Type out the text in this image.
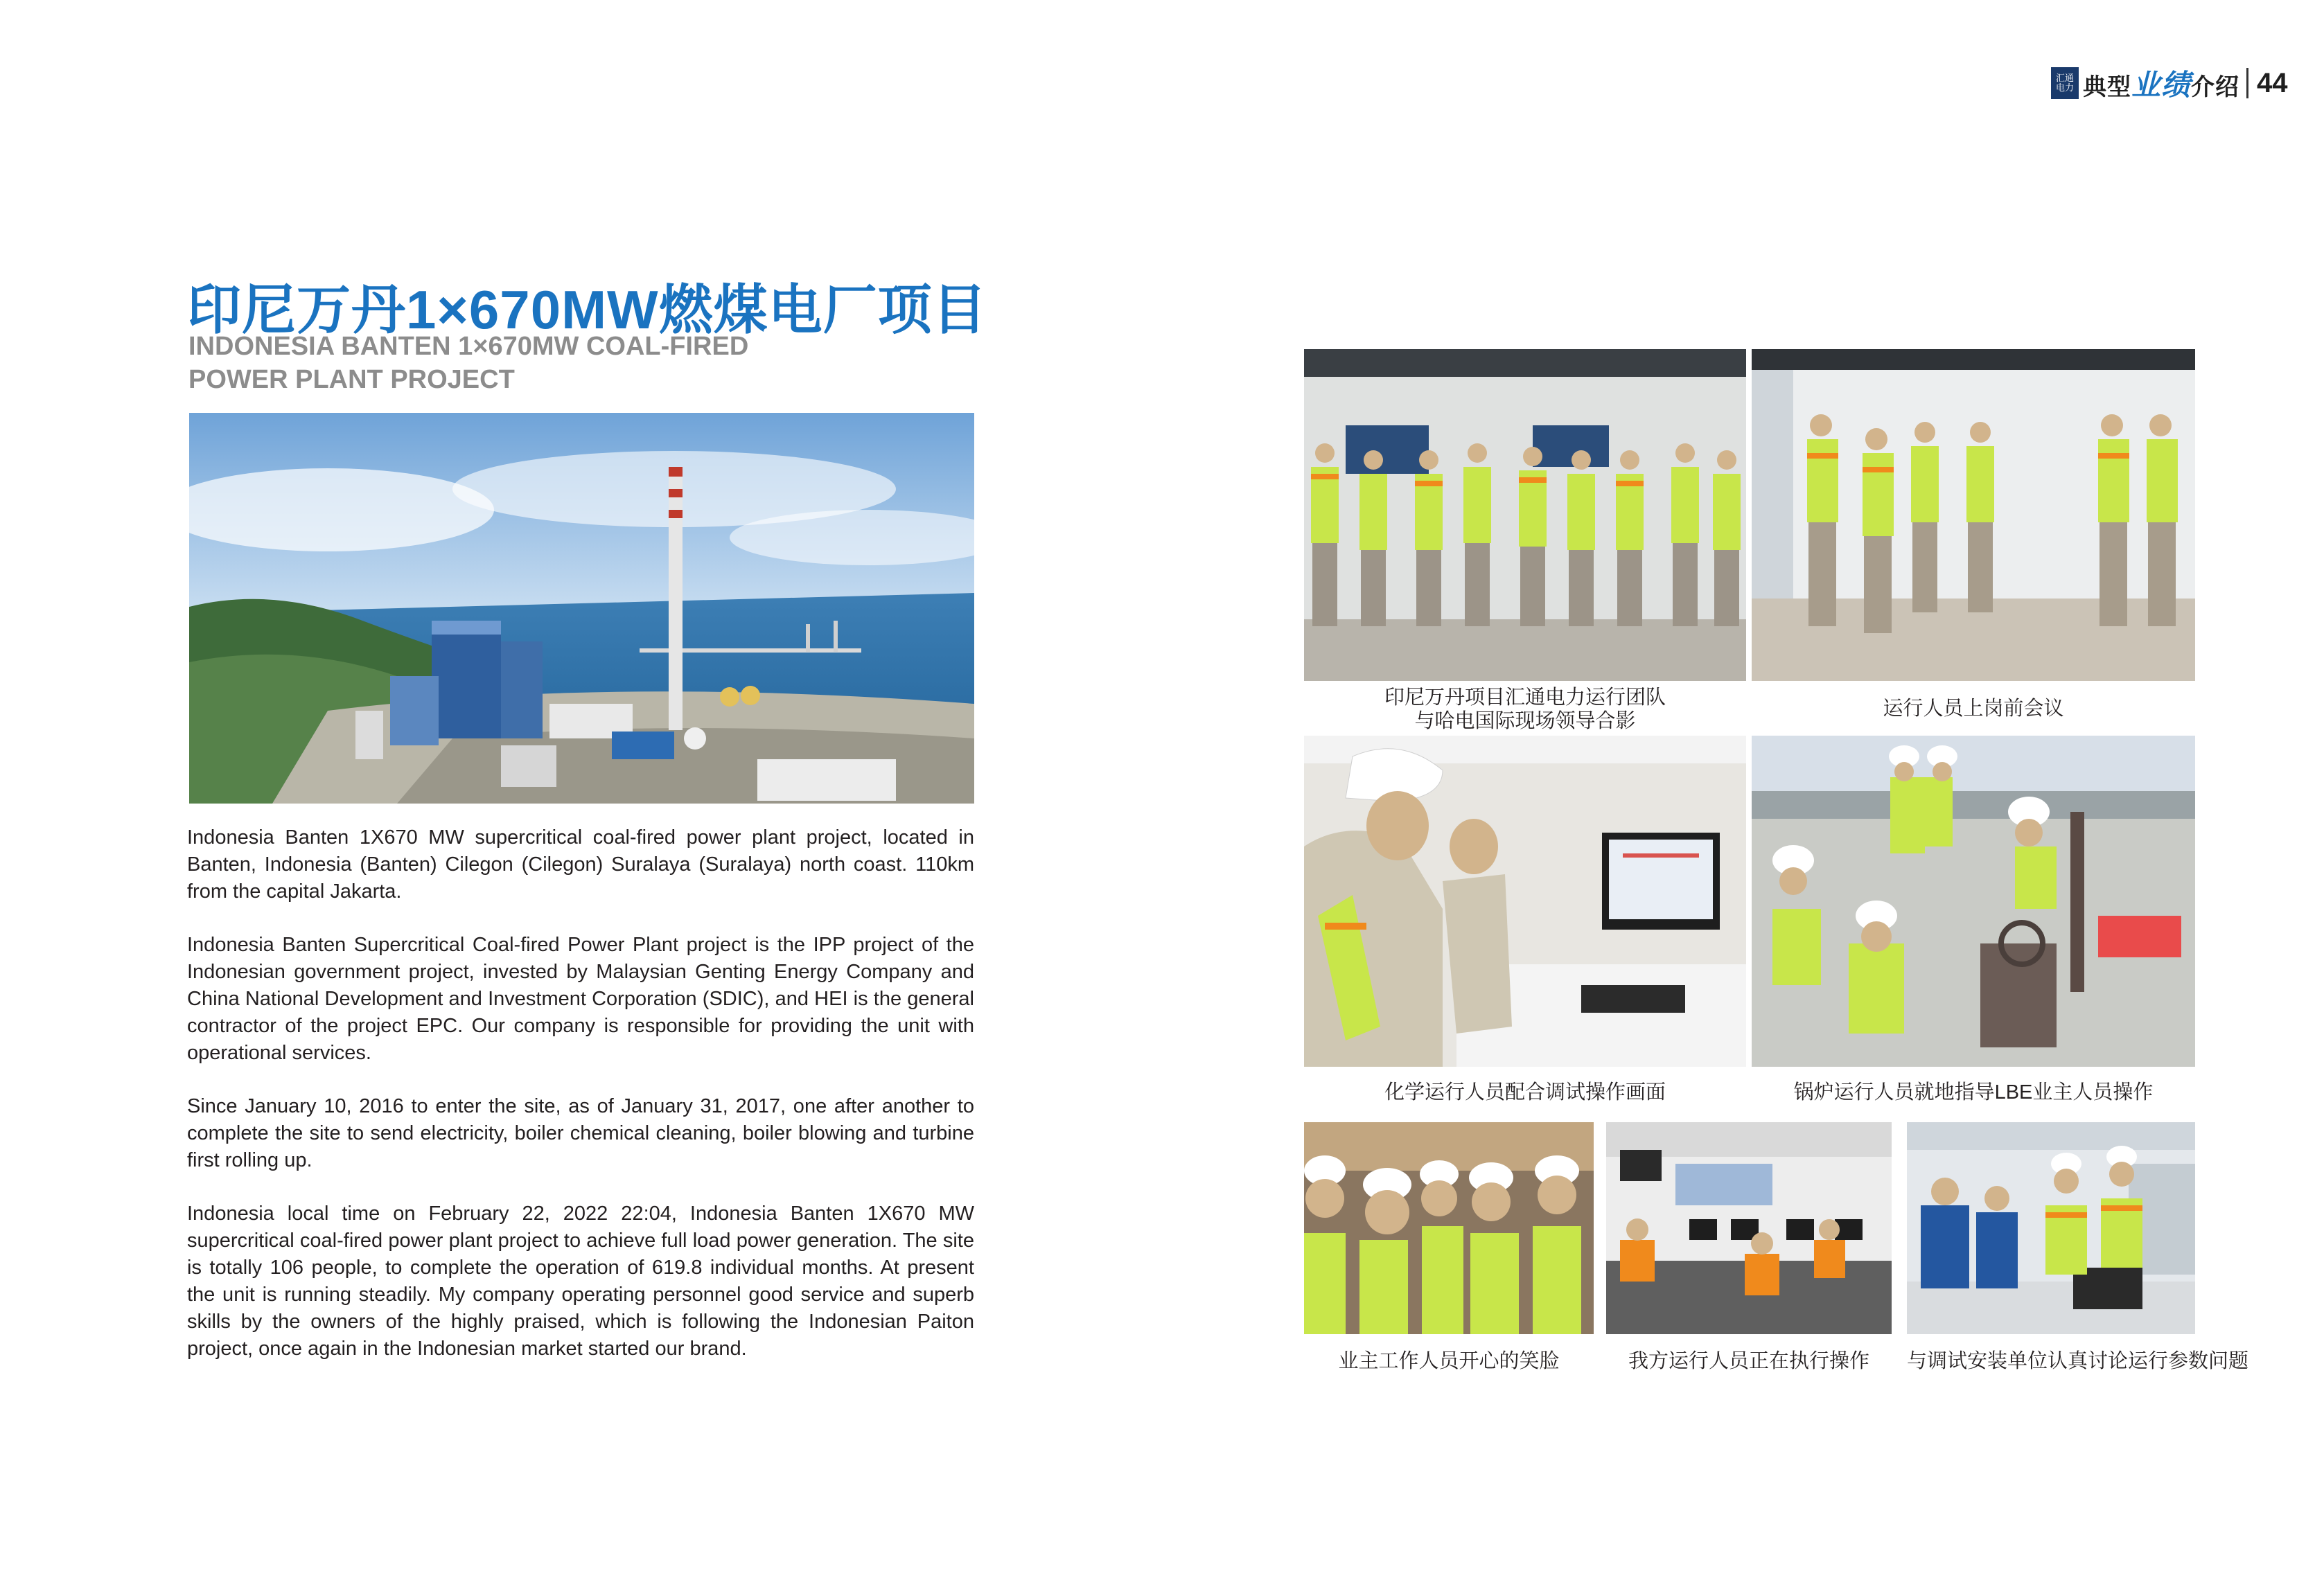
汇通
电力 典型业绩介绍 44
印尼万丹1×670MW燃煤电厂项目
INDONESIA BANTEN 1×670MW COAL-FIRED
POWER PLANT PROJECT

Indonesia Banten 1X670 MW supercritical coal-fired power plant project, located in Banten, Indonesia (Banten) Cilegon (Cilegon) Suralaya (Suralaya) north coast. 110km from the capital Jakarta.

Indonesia Banten Supercritical Coal-fired Power Plant project is the IPP project of the Indonesian government project, invested by Malaysian Genting Energy Company and China National Development and Investment Corporation (SDIC), and HEI is the general contractor of the project EPC. Our company is responsible for providing the unit with operational services.

Since January 10, 2016 to enter the site, as of January 31, 2017, one after another to complete the site to send electricity, boiler chemical cleaning, boiler blowing and turbine first rolling up.

Indonesia local time on February 22, 2022 22:04, Indonesia Banten 1X670 MW supercritical coal-fired power plant project to achieve full load power generation. The site is totally 106 people, to complete the operation of 619.8 individual months. At present the unit is running steadily. My company operating personnel good service and superb skills by the owners of the highly praised, which is following the Indonesian Paiton project, once again in the Indonesian market started our brand.

印尼万丹项目汇通电力运行团队
与哈电国际现场领导合影
运行人员上岗前会议
化学运行人员配合调试操作画面	锅炉运行人员就地指导LBE业主人员操作
业主工作人员开心的笑脸	我方运行人员正在执行操作	与调试安装单位认真讨论运行参数问题
